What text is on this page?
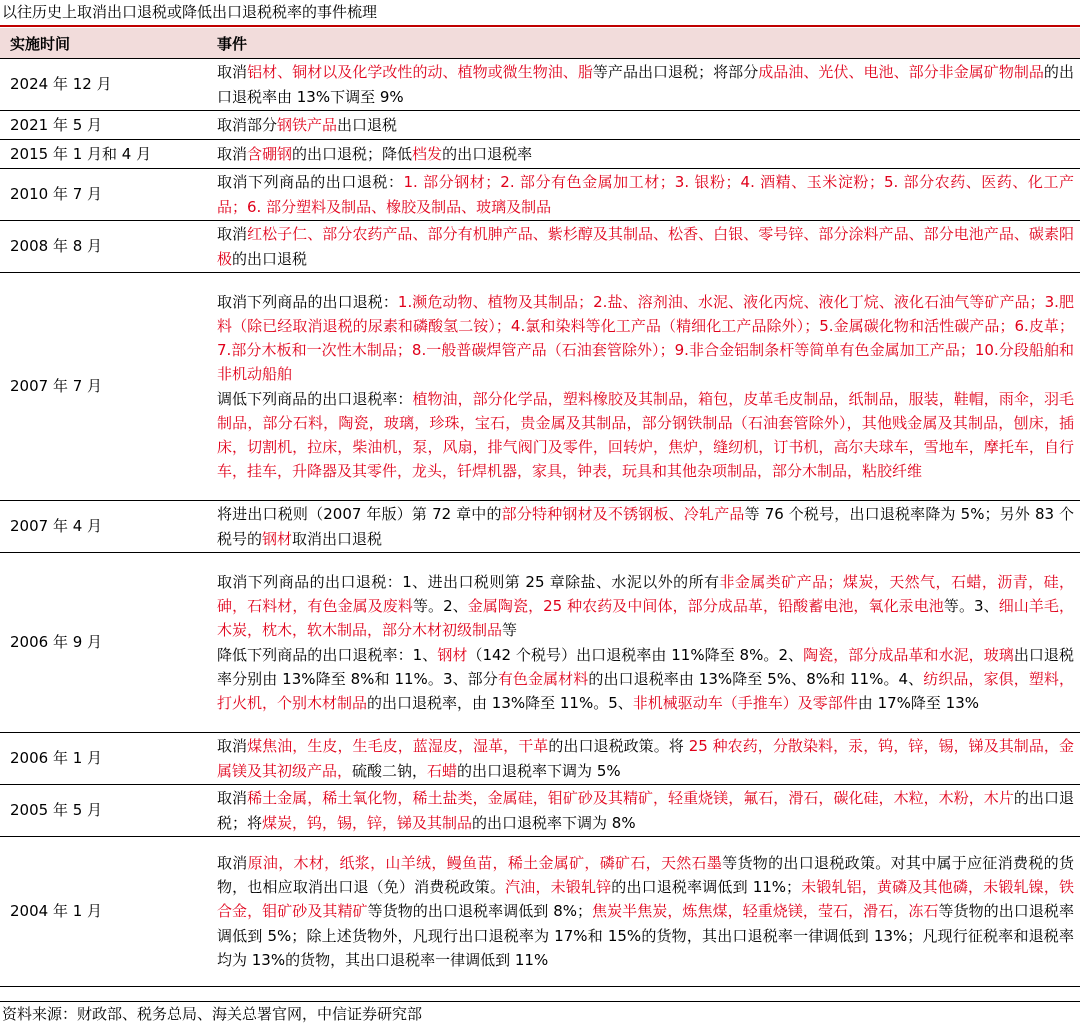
以往历史上取消出口退税或降低出口退税税率的事件梳理
实施时间	事件
2024 年 12 月	取消铝材、铜材以及化学改性的动、植物或微生物油、脂等产品出口退税；将部分成品油、光伏、电池、部分非金属矿物制品的出口退税率由 13%下调至 9%
2021 年 5 月	取消部分钢铁产品出口退税
2015 年 1 月和 4 月	取消含硼钢的出口退税；降低档发的出口退税率
2010 年 7 月	取消下列商品的出口退税：1. 部分钢材；2. 部分有色金属加工材；3. 银粉；4. 酒精、玉米淀粉；5. 部分农药、医药、化工产品；6. 部分塑料及制品、橡胶及制品、玻璃及制品
2008 年 8 月	取消红松子仁、部分农药产品、部分有机胂产品、紫杉醇及其制品、松香、白银、零号锌、部分涂料产品、部分电池产品、碳素阳极的出口退税
2007 年 7 月	取消下列商品的出口退税：1.濒危动物、植物及其制品；2.盐、溶剂油、水泥、液化丙烷、液化丁烷、液化石油气等矿产品；3.肥料（除已经取消退税的尿素和磷酸氢二铵）；4.氯和染料等化工产品（精细化工产品除外）；5.金属碳化物和活性碳产品；6.皮革；7.部分木板和一次性木制品；8.一般普碳焊管产品（石油套管除外）；9.非合金铝制条杆等简单有色金属加工产品；10.分段船舶和非机动船舶
调低下列商品的出口退税率：植物油，部分化学品，塑料橡胶及其制品，箱包，皮革毛皮制品，纸制品，服装，鞋帽，雨伞，羽毛制品，部分石料，陶瓷，玻璃，珍珠，宝石，贵金属及其制品，部分钢铁制品（石油套管除外），其他贱金属及其制品，刨床，插床，切割机，拉床，柴油机，泵，风扇，排气阀门及零件，回转炉，焦炉，缝纫机，订书机，高尔夫球车，雪地车，摩托车，自行车，挂车，升降器及其零件，龙头，钎焊机器，家具，钟表，玩具和其他杂项制品，部分木制品，粘胶纤维
2007 年 4 月	将进出口税则（2007 年版）第 72 章中的部分特种钢材及不锈钢板、冷轧产品等 76 个税号，出口退税率降为 5%；另外 83 个税号的钢材取消出口退税
2006 年 9 月	取消下列商品的出口退税：1、进出口税则第 25 章除盐、水泥以外的所有非金属类矿产品；煤炭，天然气，石蜡，沥青，硅，砷，石料材，有色金属及废料等。2、金属陶瓷，25 种农药及中间体，部分成品革，铅酸蓄电池，氧化汞电池等。3、细山羊毛，木炭，枕木，软木制品，部分木材初级制品等
降低下列商品的出口退税率：1、钢材（142 个税号）出口退税率由 11%降至 8%。2、陶瓷，部分成品革和水泥，玻璃出口退税率分别由 13%降至 8%和 11%。3、部分有色金属材料的出口退税率由 13%降至 5%、8%和 11%。4、纺织品，家俱，塑料，打火机，个别木材制品的出口退税率，由 13%降至 11%。5、非机械驱动车（手推车）及零部件由 17%降至 13%
2006 年 1 月	取消煤焦油，生皮，生毛皮，蓝湿皮，湿革，干革的出口退税政策。将 25 种农药，分散染料，汞，钨，锌，锡，锑及其制品，金属镁及其初级产品，硫酸二钠，石蜡的出口退税率下调为 5%
2005 年 5 月	取消稀土金属，稀土氧化物，稀土盐类，金属硅，钼矿砂及其精矿，轻重烧镁，氟石，滑石，碳化硅，木粒，木粉，木片的出口退税；将煤炭，钨，锡，锌，锑及其制品的出口退税率下调为 8%
2004 年 1 月	取消原油，木材，纸浆，山羊绒，鳗鱼苗，稀土金属矿，磷矿石，天然石墨等货物的出口退税政策。对其中属于应征消费税的货物，也相应取消出口退（免）消费税政策。汽油，未锻轧锌的出口退税率调低到 11%；未锻轧铝，黄磷及其他磷，未锻轧镍，铁合金，钼矿砂及其精矿等货物的出口退税率调低到 8%；焦炭半焦炭，炼焦煤，轻重烧镁，莹石，滑石，冻石等货物的出口退税率调低到 5%；除上述货物外，凡现行出口退税率为 17%和 15%的货物，其出口退税率一律调低到 13%；凡现行征税率和退税率均为 13%的货物，其出口退税率一律调低到 11%
资料来源：财政部、税务总局、海关总署官网，中信证券研究部
